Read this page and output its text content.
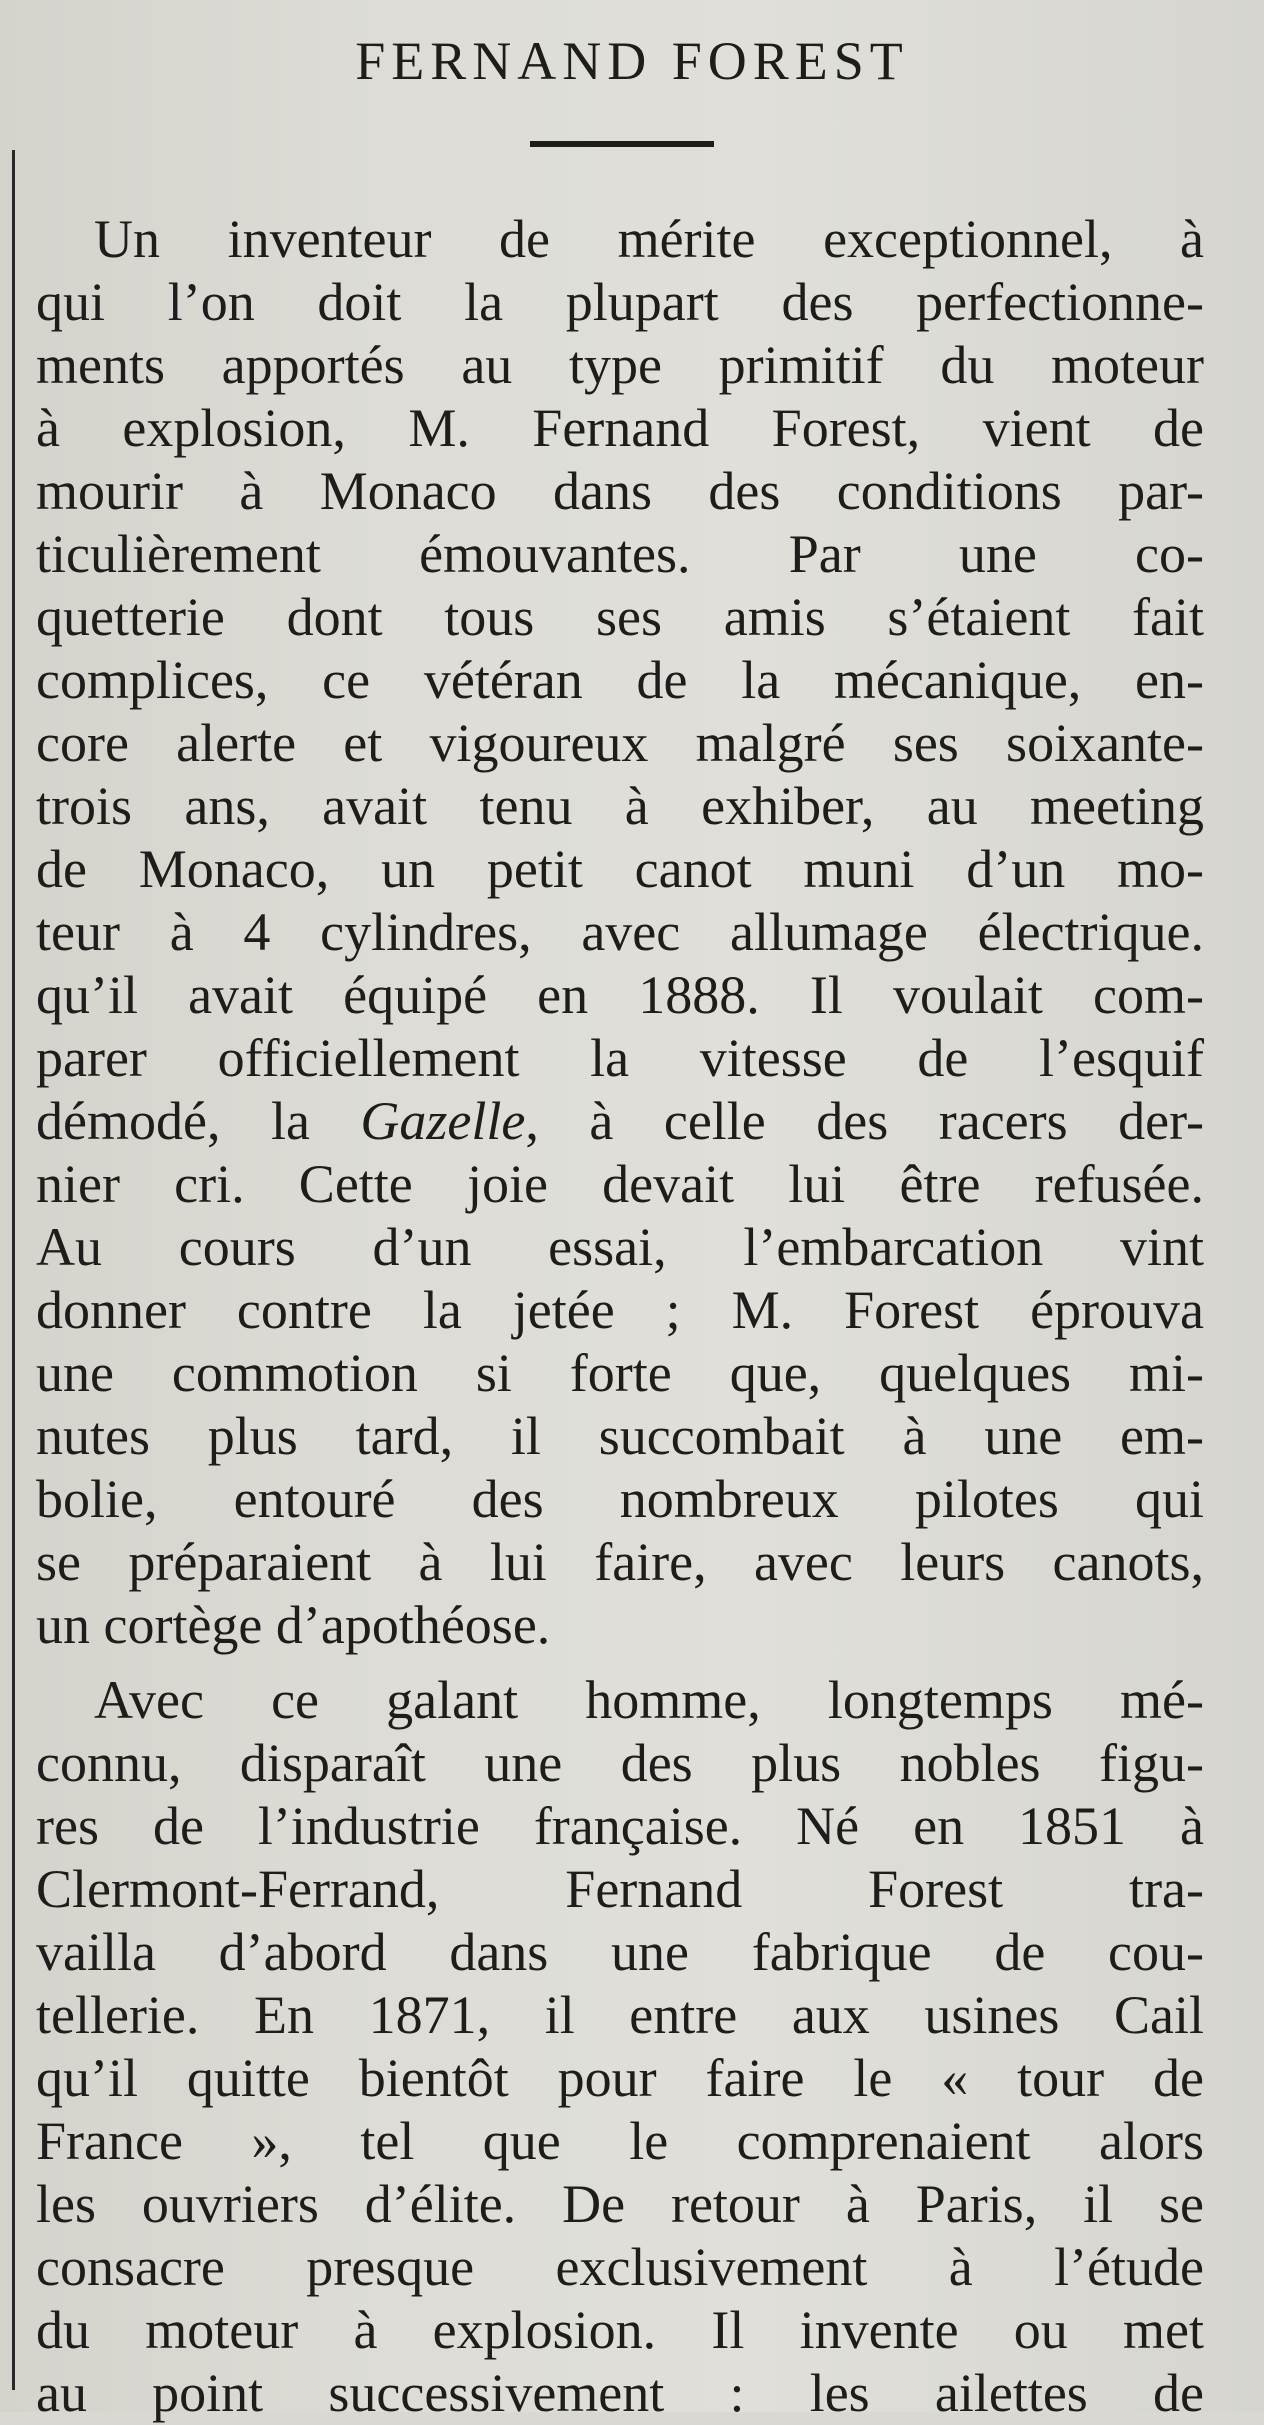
FERNAND FOREST
Un inventeur de mérite exceptionnel, à
qui l’on doit la plupart des perfectionne-
ments apportés au type primitif du moteur
à explosion, M. Fernand Forest, vient de
mourir à Monaco dans des conditions par-
ticulièrement émouvantes. Par une co-
quetterie dont tous ses amis s’étaient fait
complices, ce vétéran de la mécanique, en-
core alerte et vigoureux malgré ses soixante-
trois ans, avait tenu à exhiber, au meeting
de Monaco, un petit canot muni d’un mo-
teur à 4 cylindres, avec allumage électrique.
qu’il avait équipé en 1888. Il voulait com-
parer officiellement la vitesse de l’esquif
démodé, la Gazelle, à celle des racers der-
nier cri. Cette joie devait lui être refusée.
Au cours d’un essai, l’embarcation vint
donner contre la jetée ; M. Forest éprouva
une commotion si forte que, quelques mi-
nutes plus tard, il succombait à une em-
bolie, entouré des nombreux pilotes qui
se préparaient à lui faire, avec leurs canots,
un cortège d’apothéose.
Avec ce galant homme, longtemps mé-
connu, disparaît une des plus nobles figu-
res de l’industrie française. Né en 1851 à
Clermont-Ferrand, Fernand Forest tra-
vailla d’abord dans une fabrique de cou-
tellerie. En 1871, il entre aux usines Cail
qu’il quitte bientôt pour faire le « tour de
France », tel que le comprenaient alors
les ouvriers d’élite. De retour à Paris, il se
consacre presque exclusivement à l’étude
du moteur à explosion. Il invente ou met
au point successivement : les ailettes de
